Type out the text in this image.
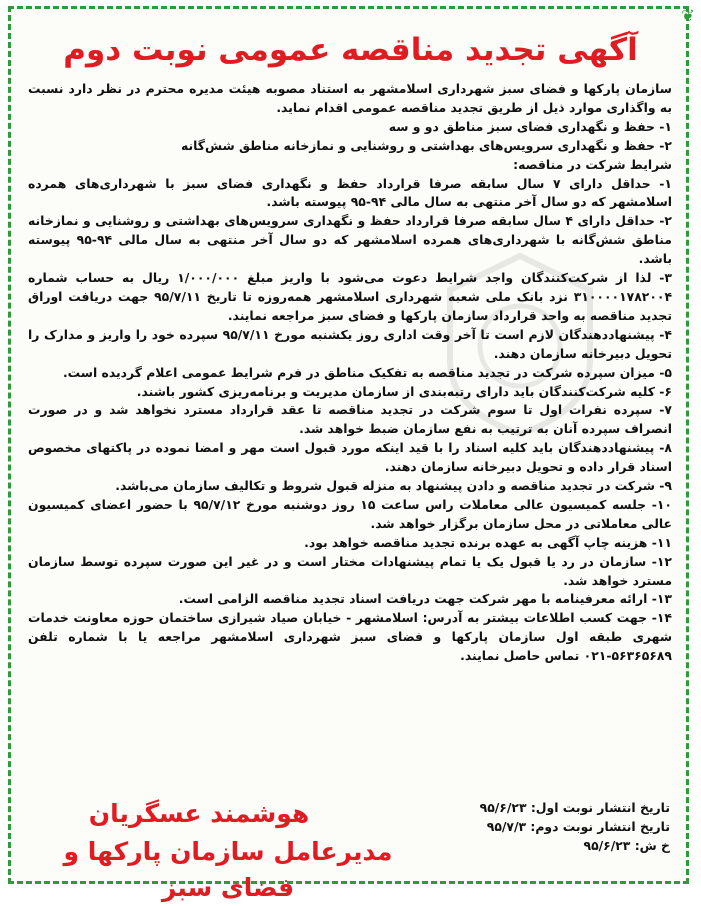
❦
آگهی تجدید مناقصه عمومی نوبت دوم

سازمان پارکها و فضای سبز شهرداری اسلامشهر به استناد مصوبه هیئت مدیره محترم در نظر دارد نسبت به واگذاری موارد ذیل از طریق تجدید مناقصه عمومی اقدام نماید.

۱- حفظ و نگهداری فضای سبز مناطق دو و سه

۲- حفظ و نگهداری سرویس‌های بهداشتی و روشنایی و نمازخانه مناطق شش‌گانه

شرایط شرکت در مناقصه:

۱- حداقل دارای ۷ سال سابقه صرفا قرارداد حفظ و نگهداری فضای سبز با شهرداری‌های همرده اسلامشهر که دو سال آخر منتهی به سال مالی ۹۴-۹۵ پیوسته باشد.

۲- حداقل دارای ۴ سال سابقه صرفا قرارداد حفظ و نگهداری سرویس‌های بهداشتی و روشنایی و نمازخانه مناطق شش‌گانه با شهرداری‌های همرده اسلامشهر که دو سال آخر منتهی به سال مالی ۹۴-۹۵ پیوسته باشد.

۳- لذا از شرکت‌کنندگان واجد شرایط دعوت می‌شود با واریز مبلغ ۱/۰۰۰/۰۰۰ ریال به حساب شماره ۳۱۰۰۰۰۱۷۸۲۰۰۴ نزد بانک ملی شعبه شهرداری اسلامشهر همه‌روزه تا تاریخ ۹۵/۷/۱۱ جهت دریافت اوراق تجدید مناقصه به واحد قرارداد سازمان پارکها و فضای سبز مراجعه نمایند.

۴- پیشنهاددهندگان لازم است تا آخر وقت اداری روز یکشنبه مورخ ۹۵/۷/۱۱ سپرده خود را واریز و مدارک را تحویل دبیرخانه سازمان دهند.

۵- میزان سپرده شرکت در تجدید مناقصه به تفکیک مناطق در فرم شرایط عمومی اعلام گردیده است.

۶- کلیه شرکت‌کنندگان باید دارای رتبه‌بندی از سازمان مدیریت و برنامه‌ریزی کشور باشند.

۷- سپرده نفرات اول تا سوم شرکت در تجدید مناقصه تا عقد قرارداد مسترد نخواهد شد و در صورت انصراف سپرده آنان به ترتیب به نفع سازمان ضبط خواهد شد.

۸- پیشنهاددهندگان باید کلیه اسناد را با قید اینکه مورد قبول است مهر و امضا نموده در پاکتهای مخصوص اسناد قرار داده و تحویل دبیرخانه سازمان دهند.

۹- شرکت در تجدید مناقصه و دادن پیشنهاد به منزله قبول شروط و تکالیف سازمان می‌باشد.

۱۰- جلسه کمیسیون عالی معاملات راس ساعت ۱۵ روز دوشنبه مورخ ۹۵/۷/۱۲ با حضور اعضای کمیسیون عالی معاملاتی در محل سازمان برگزار خواهد شد.

۱۱- هزینه چاپ آگهی به عهده برنده تجدید مناقصه خواهد بود.

۱۲- سازمان در رد یا قبول یک یا تمام پیشنهادات مختار است و در غیر این صورت سپرده توسط سازمان مسترد خواهد شد.

۱۳- ارائه معرفینامه با مهر شرکت جهت دریافت اسناد تجدید مناقصه الزامی است.

۱۴- جهت کسب اطلاعات بیشتر به آدرس: اسلامشهر - خیابان صیاد شیرازی ساختمان حوزه معاونت خدمات شهری طبقه اول سازمان پارکها و فضای سبز شهرداری اسلامشهر مراجعه یا با شماره تلفن ۵۶۳۶۵۶۸۹-۰۲۱ تماس حاصل نمایند.

تاریخ انتشار نوبت اول: ۹۵/۶/۲۳

تاریخ انتشار نوبت دوم: ۹۵/۷/۳

خ ش: ۹۵/۶/۲۳

هوشمند عسگریان
مدیرعامل سازمان پارکها و فضای سبز
